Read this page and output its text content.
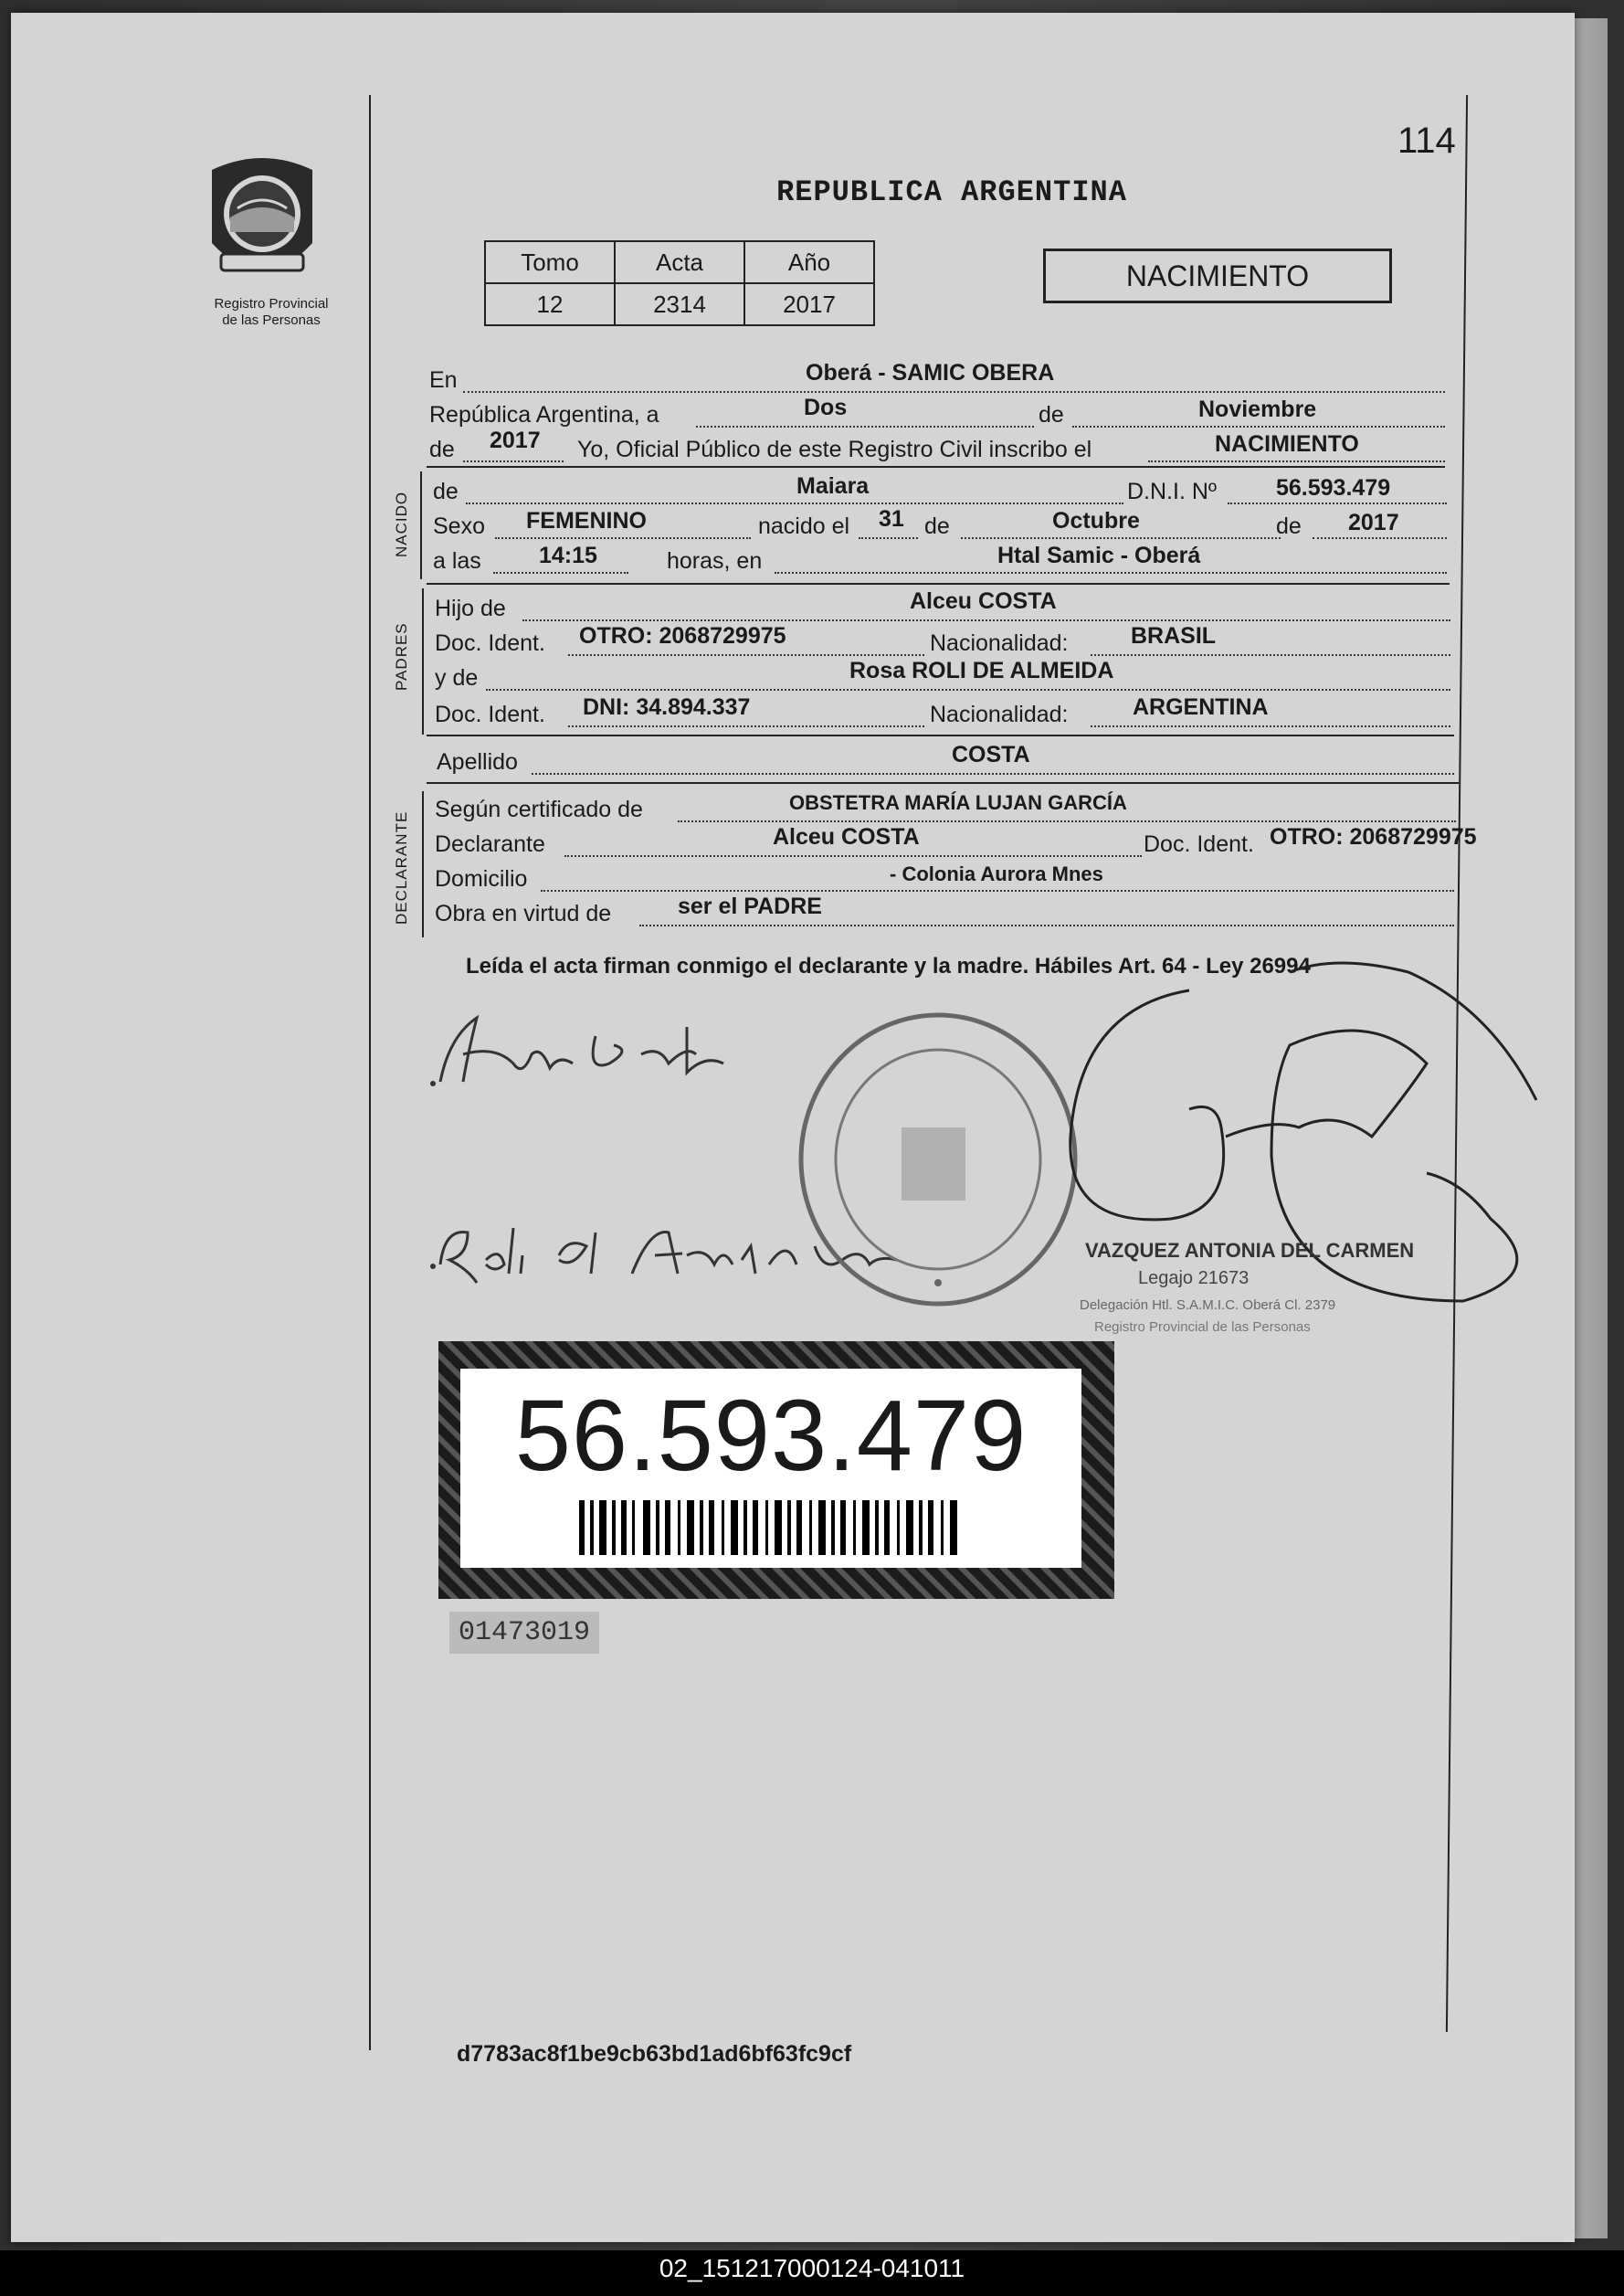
114
Registro Provincial
de las Personas
REPUBLICA ARGENTINA
Tomo	Acta	Año
12	2314	2017
NACIMIENTO
En	Oberá - SAMIC OBERA
República Argentina, a	Dos	de	Noviembre
de 2017 Yo, Oficial Público de este Registro Civil inscribo el	NACIMIENTO
NACIDO de	Maiara	D.N.I. Nº	56.593.479
Sexo FEMENINO	nacido el 31 de	Octubre	de 2017
a las	14:15	horas, en	Htal Samic - Oberá
PADRES
Hijo de	Alceu COSTA
Doc. Ident. OTRO: 2068729975	Nacionalidad:	BRASIL
y de	Rosa ROLI DE ALMEIDA
Doc. Ident. DNI: 34.894.337	Nacionalidad:	ARGENTINA
Apellido	COSTA
DECLARANTE
Según certificado de	OBSTETRA MARÍA LUJAN GARCÍA
Declarante	Alceu COSTA	Doc. Ident. OTRO: 2068729975
Domicilio	- Colonia Aurora Mnes
Obra en virtud de	ser el PADRE
Leída el acta firman conmigo el declarante y la madre. Hábiles Art. 64 - Ley 26994
VAZQUEZ ANTONIA DEL CARMEN
Legajo 21673
Delegación Htl. S.A.M.I.C. Oberá Cl. 2379
Registro Provincial de las Personas
56.593.479
01473019
d7783ac8f1be9cb63bd1ad6bf63fc9cf
02_151217000124-041011
